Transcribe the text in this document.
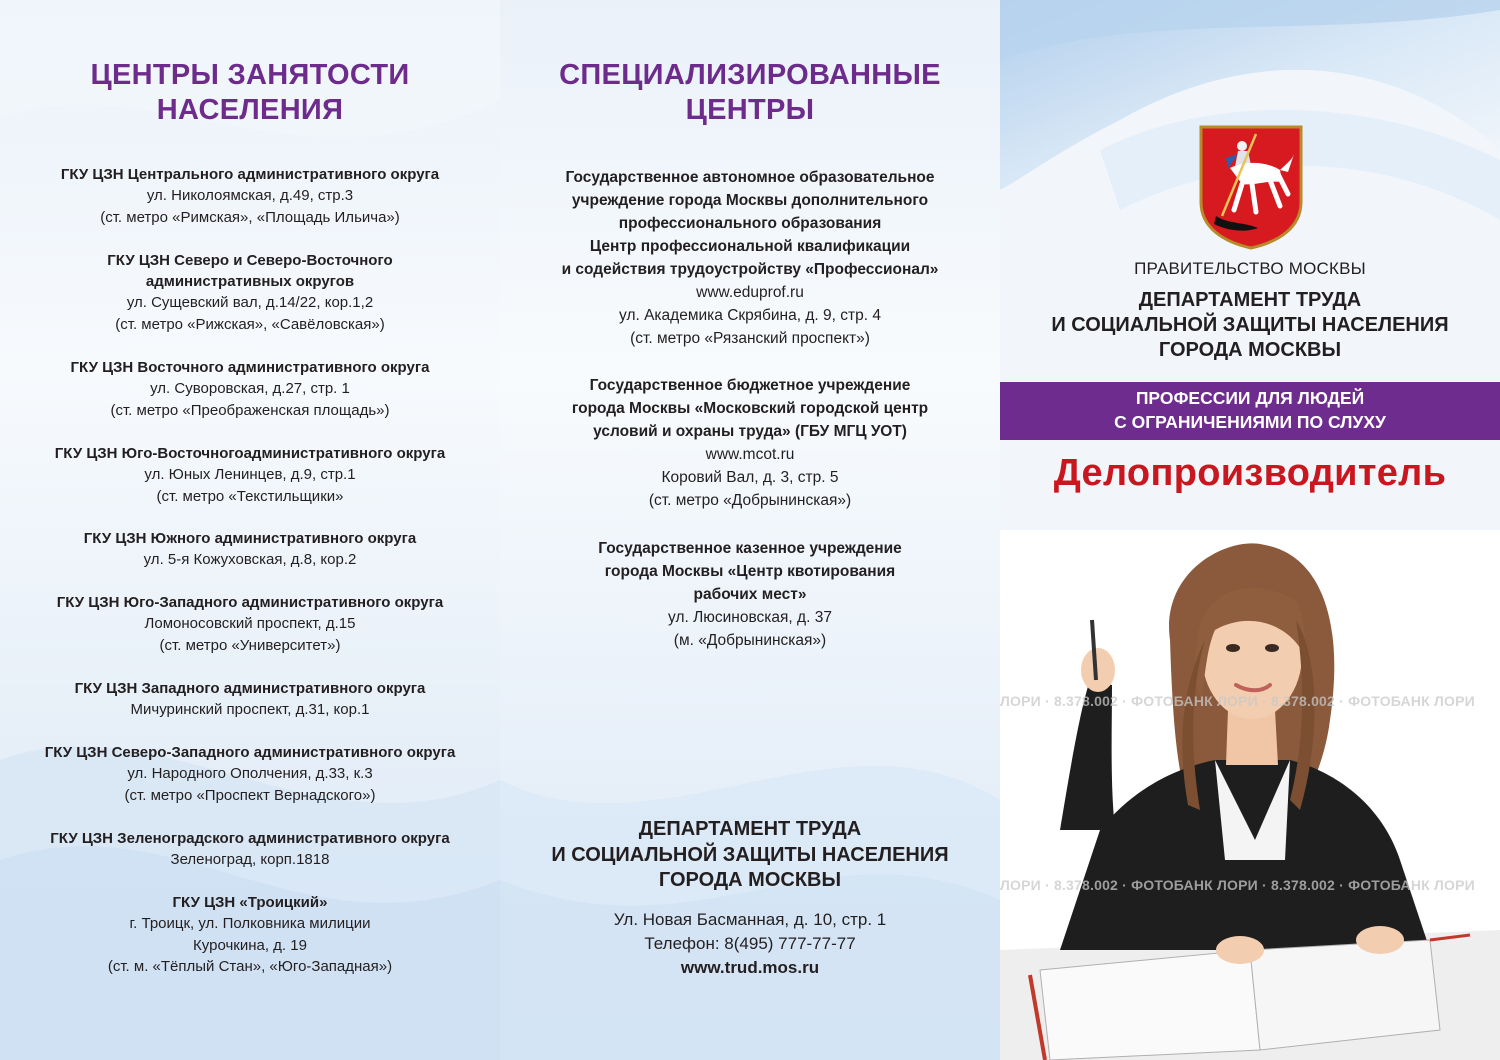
ЦЕНТРЫ ЗАНЯТОСТИ
НАСЕЛЕНИЯ
ГКУ ЦЗН Центрального административного округа
ул. Николоямская, д.49, стр.3
(ст. метро «Римская», «Площадь Ильича»)
ГКУ ЦЗН Северо и Северо-Восточного
административных округов
ул. Сущевский вал, д.14/22, кор.1,2
(ст. метро «Рижская», «Савёловская»)
ГКУ ЦЗН Восточного административного округа
ул. Суворовская, д.27, стр. 1
(ст. метро «Преображенская площадь»)
ГКУ ЦЗН Юго-Восточногоадминистративного округа
ул. Юных Ленинцев, д.9, стр.1
(ст. метро «Текстильщики»
ГКУ ЦЗН Южного административного округа
ул. 5-я Кожуховская, д.8, кор.2
ГКУ ЦЗН Юго-Западного административного округа
Ломоносовский проспект, д.15
(ст. метро «Университет»)
ГКУ ЦЗН Западного административного округа
Мичуринский проспект, д.31, кор.1
ГКУ ЦЗН Северо-Западного административного округа
ул. Народного Ополчения, д.33, к.3
(ст. метро «Проспект Вернадского»)
ГКУ ЦЗН Зеленоградского административного округа
Зеленоград, корп.1818
ГКУ ЦЗН «Троицкий»
г. Троицк, ул. Полковника милиции
Курочкина, д. 19
(ст. м. «Тёплый Стан», «Юго-Западная»)
СПЕЦИАЛИЗИРОВАННЫЕ
ЦЕНТРЫ
Государственное автономное образовательное
учреждение города Москвы дополнительного
профессионального образования
Центр профессиональной квалификации
и содействия трудоустройству «Профессионал»
www.eduprof.ru
ул. Академика Скрябина, д. 9, стр. 4
(ст. метро «Рязанский проспект»)
Государственное бюджетное учреждение
города Москвы «Московский городской центр
условий и охраны труда» (ГБУ МГЦ УОТ)
www.mcot.ru
Коровий Вал, д. 3, стр. 5
(ст. метро «Добрынинская»)
Государственное казенное учреждение
города Москвы «Центр квотирования
рабочих мест»
ул. Люсиновская, д. 37
(м. «Добрынинская»)
ДЕПАРТАМЕНТ ТРУДА
И СОЦИАЛЬНОЙ ЗАЩИТЫ НАСЕЛЕНИЯ
ГОРОДА МОСКВЫ
Ул. Новая Басманная, д. 10, стр. 1
Телефон: 8(495) 777-77-77
www.trud.mos.ru
ПРАВИТЕЛЬСТВО МОСКВЫ
ДЕПАРТАМЕНТ ТРУДА
И СОЦИАЛЬНОЙ ЗАЩИТЫ НАСЕЛЕНИЯ
ГОРОДА МОСКВЫ
ПРОФЕССИИ ДЛЯ ЛЮДЕЙ
С ОГРАНИЧЕНИЯМИ ПО СЛУХУ
Делопроизводитель
ЛОРИ · 8.378.002 · ФОТОБАНК ЛОРИ · 8.378.002 · ФОТОБАНК ЛОРИ
ЛОРИ · 8.378.002 · ФОТОБАНК ЛОРИ · 8.378.002 · ФОТОБАНК ЛОРИ
